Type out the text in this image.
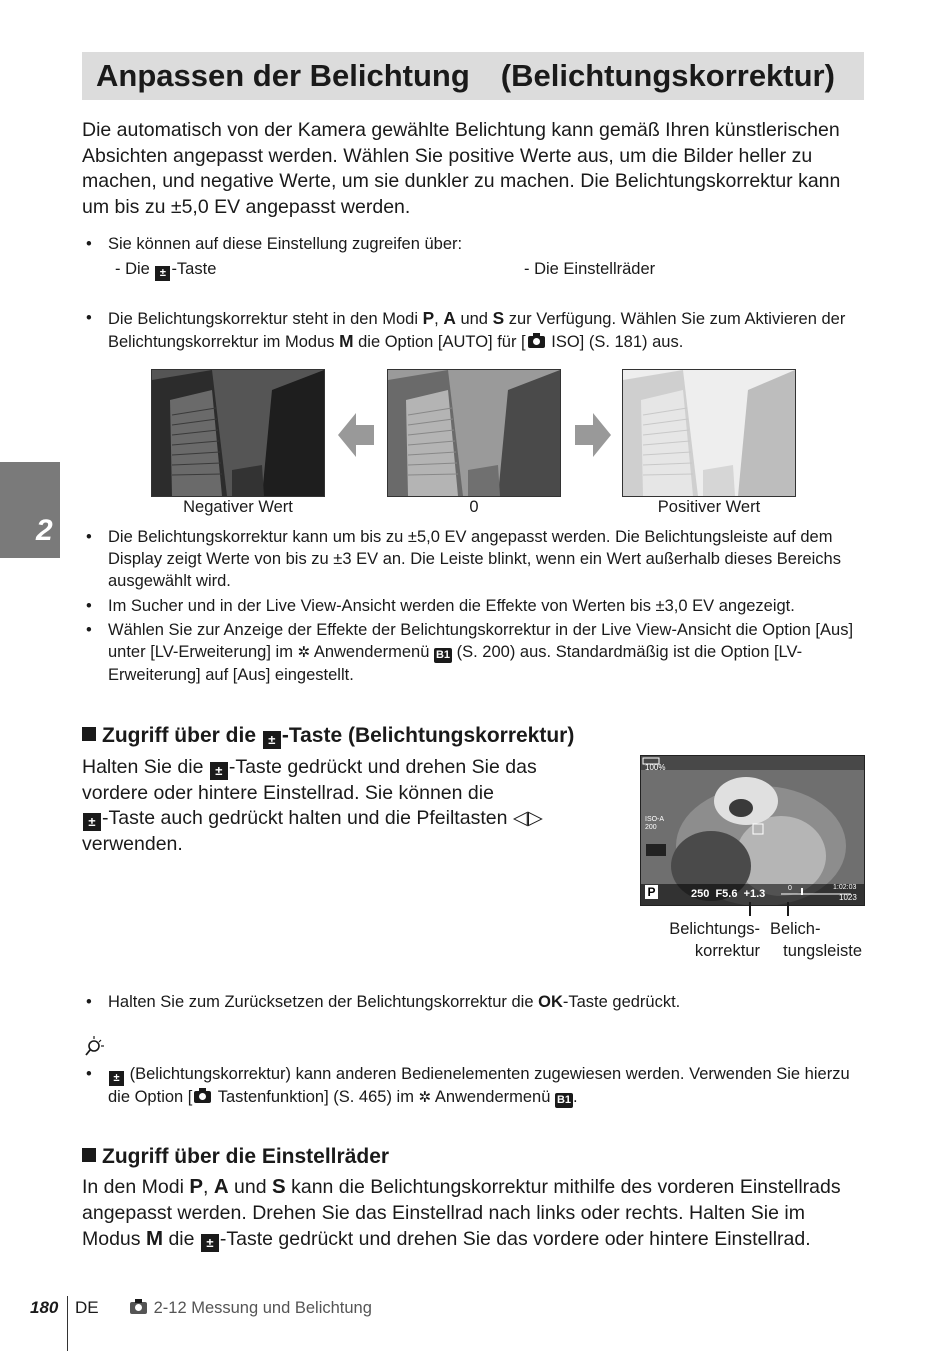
Anpassen der Belichtung (Belichtungskorrektur)
2
Die automatisch von der Kamera gewählte Belichtung kann gemäß Ihren künstlerischen Absichten angepasst werden. Wählen Sie positive Werte aus, um die Bilder heller zu machen, und negative Werte, um sie dunkler zu machen. Die Belichtungskorrektur kann um bis zu ±5,0 EV angepasst werden.
• Sie können auf diese Einstellung zugreifen über:
- Die ± -Taste	- Die Einstellräder
• Die Belichtungskorrektur steht in den Modi P, A und S zur Verfügung. Wählen Sie zum Aktivieren der Belichtungskorrektur im Modus M die Option [AUTO] für [ ISO] (S. 181) aus.
Negativer Wert	0	Positiver Wert
• Die Belichtungskorrektur kann um bis zu ±5,0 EV angepasst werden. Die Belichtungsleiste auf dem Display zeigt Werte von bis zu ±3 EV an. Die Leiste blinkt, wenn ein Wert außerhalb dieses Bereichs ausgewählt wird.
• Im Sucher und in der Live View-Ansicht werden die Effekte von Werten bis ±3,0 EV angezeigt.
• Wählen Sie zur Anzeige der Effekte der Belichtungskorrektur in der Live View-Ansicht die Option [Aus] unter [LV-Erweiterung] im ✲ Anwendermenü B1 (S. 200) aus. Standardmäßig ist die Option [LV-Erweiterung] auf [Aus] eingestellt.
Zugriff über die ± -Taste (Belichtungskorrektur)
Halten Sie die ± -Taste gedrückt und drehen Sie das vordere oder hintere Einstellrad. Sie können die
± -Taste auch gedrückt halten und die Pfeiltasten ◁▷
verwenden.
100%
ISO-A 200
P	250  F5.6  +1.3	0	1:02:03
1023
Belichtungs-
korrektur
Belich-
tungsleiste
• Halten Sie zum Zurücksetzen der Belichtungskorrektur die OK-Taste gedrückt.
• ± (Belichtungskorrektur) kann anderen Bedienelementen zugewiesen werden. Verwenden Sie hierzu die Option [ Tastenfunktion] (S. 465) im ✲ Anwendermenü B1 .
Zugriff über die Einstellräder
In den Modi P, A und S kann die Belichtungskorrektur mithilfe des vorderen Einstellrads angepasst werden. Drehen Sie das Einstellrad nach links oder rechts. Halten Sie im Modus M die ± -Taste gedrückt und drehen Sie das vordere oder hintere Einstellrad.
180 DE	2-12 Messung und Belichtung
